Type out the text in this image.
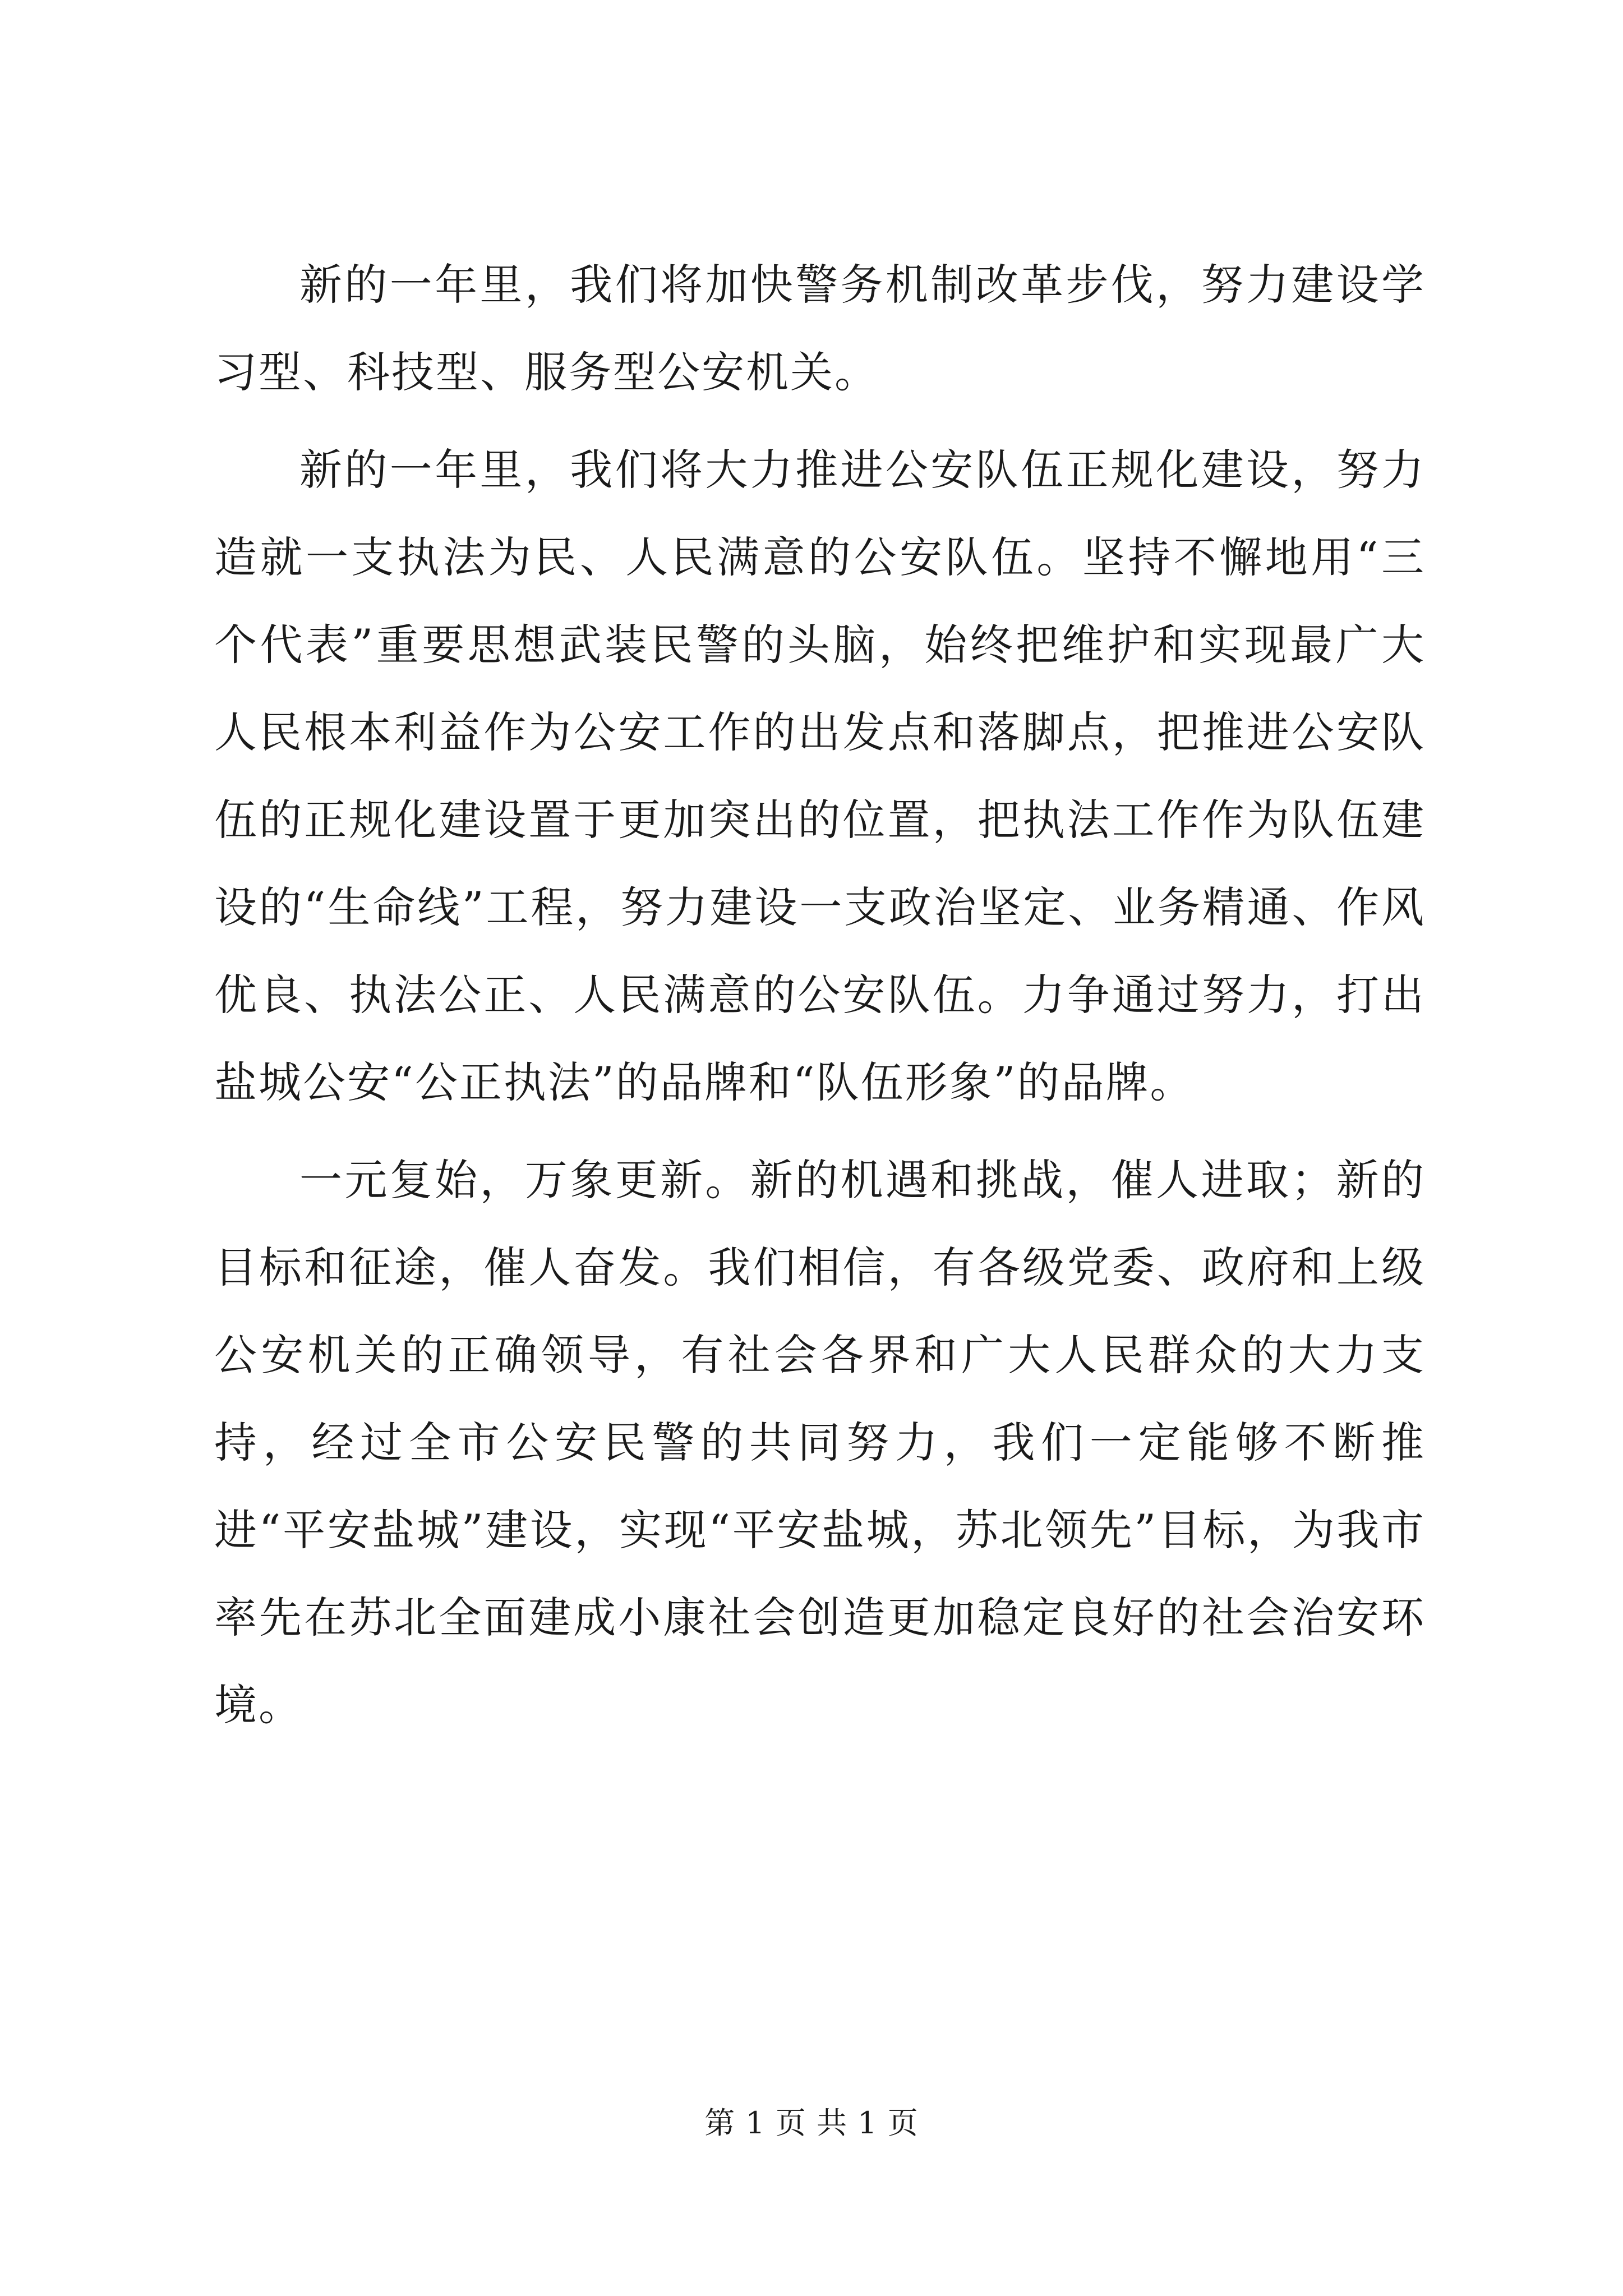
新的一年里，我们将加快警务机制改革步伐，努力建设学习型、科技型、服务型公安机关。

新的一年里，我们将大力推进公安队伍正规化建设，努力造就一支执法为民、人民满意的公安队伍。坚持不懈地用“三个代表”重要思想武装民警的头脑，始终把维护和实现最广大人民根本利益作为公安工作的出发点和落脚点，把推进公安队伍的正规化建设置于更加突出的位置，把执法工作作为队伍建设的“生命线”工程，努力建设一支政治坚定、业务精通、作风优良、执法公正、人民满意的公安队伍。力争通过努力，打出盐城公安“公正执法”的品牌和“队伍形象”的品牌。

一元复始，万象更新。新的机遇和挑战，催人进取；新的目标和征途，催人奋发。我们相信，有各级党委、政府和上级公安机关的正确领导，有社会各界和广大人民群众的大力支持，经过全市公安民警的共同努力，我们一定能够不断推进“平安盐城”建设，实现“平安盐城，苏北领先”目标，为我市率先在苏北全面建成小康社会创造更加稳定良好的社会治安环境。

第 1 页 共 1 页
